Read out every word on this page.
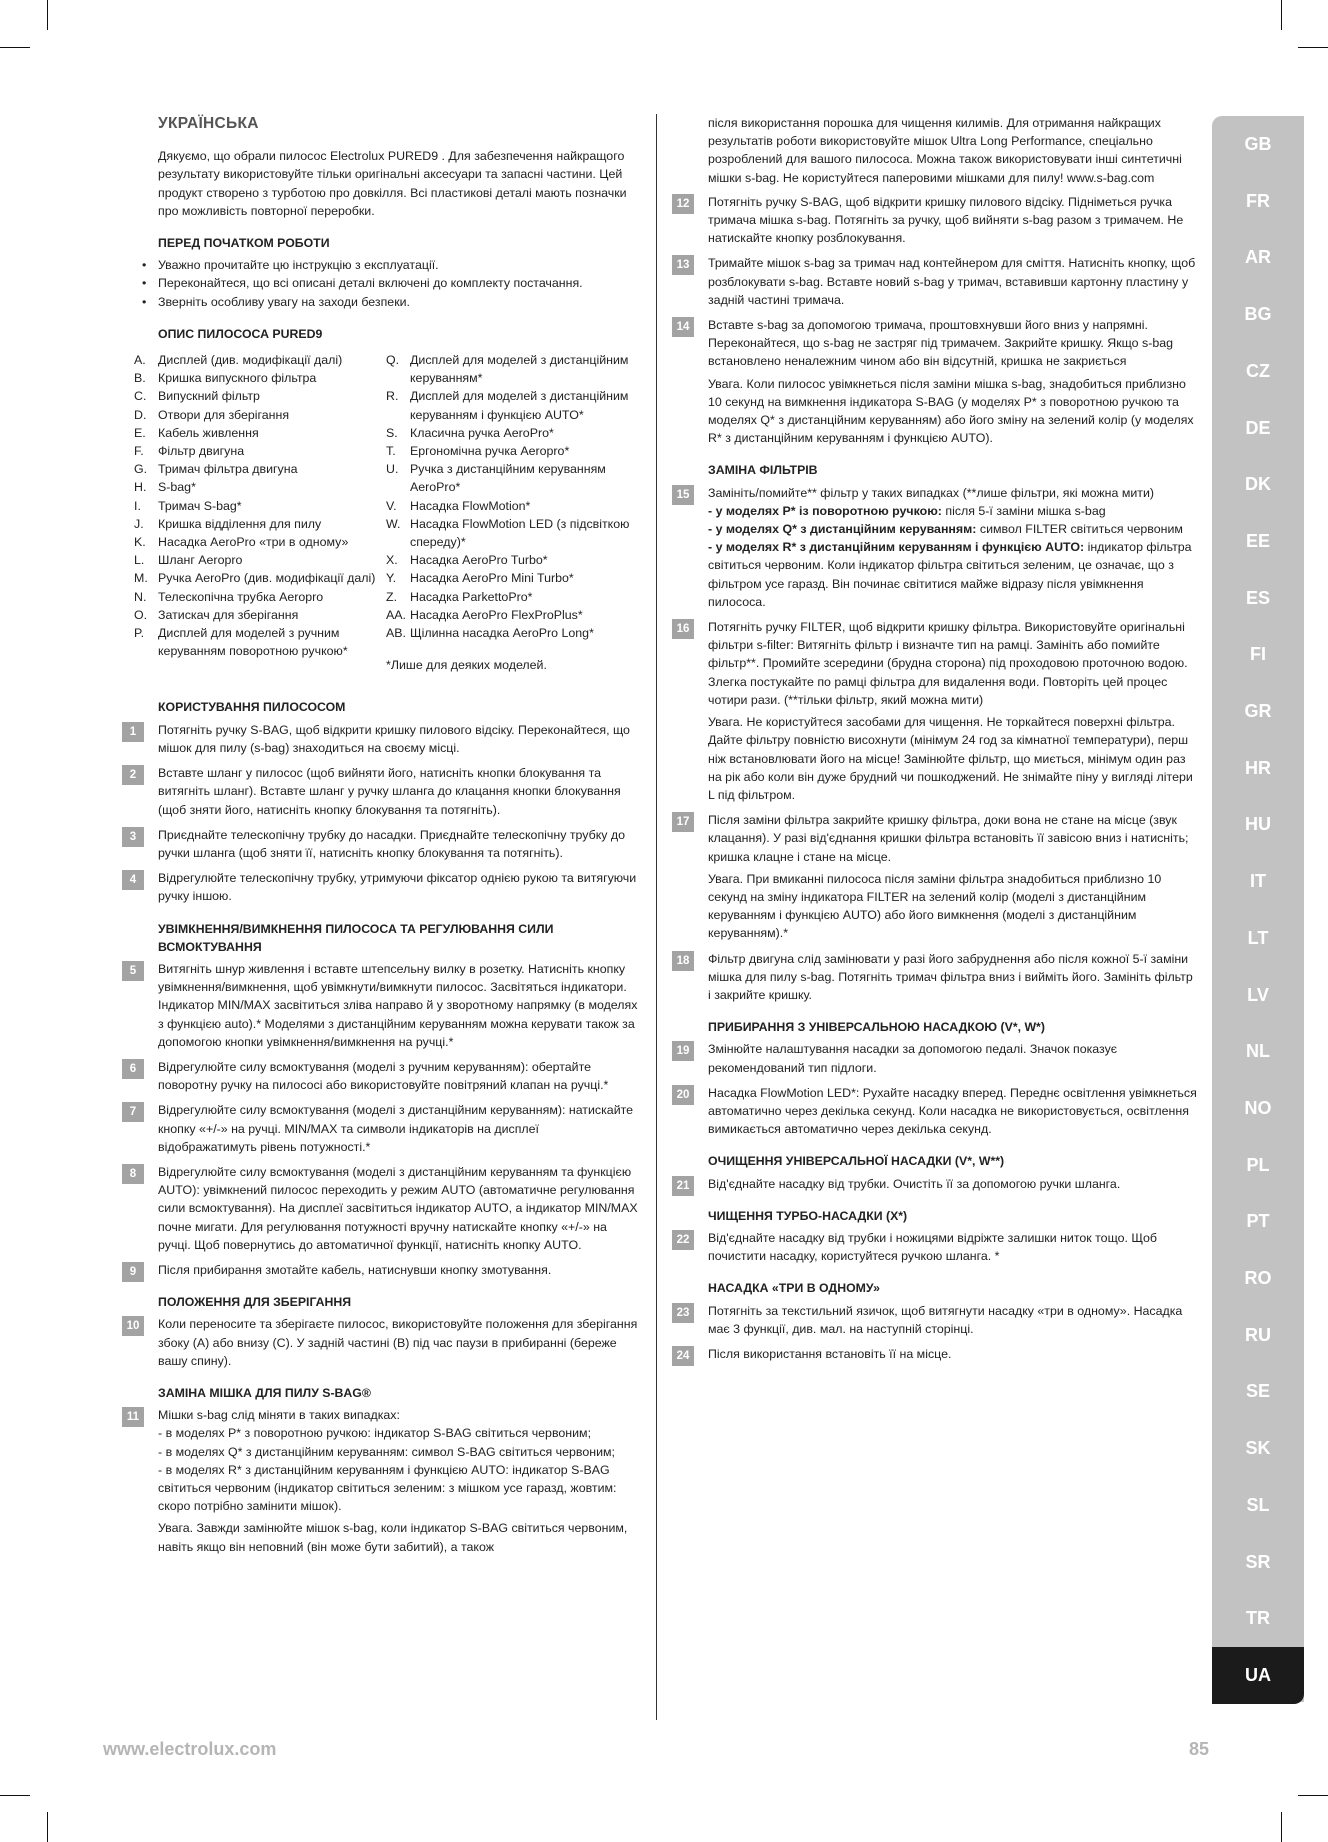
УКРАЇНСЬКА
Дякуємо, що обрали пилосос Electrolux PURED9 . Для забезпечення найкращого результату використовуйте тільки оригінальні аксесуари та запасні частини. Цей продукт створено з турботою про довкілля. Всі пластикові деталі мають позначки про можливість повторної переробки.
ПЕРЕД ПОЧАТКОМ РОБОТИ
• Уважно прочитайте цю інструкцію з експлуатації.
• Переконайтеся, що всі описані деталі включені до комплекту постачання.
• Зверніть особливу увагу на заходи безпеки.
ОПИС ПИЛОСОСА PURED9
A. Дисплей (див. модифікації далі)
B. Кришка випускного фільтра
C. Випускний фільтр
D. Отвори для зберігання
E. Кабель живлення
F.	Фільтр двигуна
G. Тримач фільтра двигуна
H. S-bag*
I.	Тримач S-bag*
J.	Кришка відділення для пилу
K. Насадка AeroPro «три в одному»
L.	Шланг Aeropro
M. Ручка AeroPro (див. модифікації далі)
N. Телескопічна трубка Aeropro
O. Затискач для зберігання
P.	Дисплей для моделей з ручним керуванням поворотною ручкою*
Q. Дисплей для моделей з дистанційним керуванням*
R. Дисплей для моделей з дистанційним керуванням і функцією AUTO*
S. Класична ручка AeroPro*
T.	Ергономічна ручка Aeropro*
U. Ручка з дистанційним керуванням AeroPro*
V.	Насадка FlowMotion*
W. Насадка FlowMotion LED (з підсвіткою спереду)*
X. Насадка AeroPro Turbo*
Y.	Насадка AeroPro Mini Turbo*
Z.	Насадка ParkettoPro*
AA. Насадка AeroPro FlexProPlus*
AB. Щілинна насадка AeroPro Long*
*Лише для деяких моделей.
КОРИСТУВАННЯ ПИЛОСОСОМ
1	Потягніть ручку S-BAG, щоб відкрити кришку пилового відсіку. Переконайтеся, що мішок для пилу (s-bag) знаходиться на своєму місці.
2	Вставте шланг у пилосос (щоб вийняти його, натисніть кнопки блокування та витягніть шланг). Вставте шланг у ручку шланга до клацання кнопки блокування (щоб зняти його, натисніть кнопку блокування та потягніть).
3	Приєднайте телескопічну трубку до насадки. Приєднайте телескопічну трубку до ручки шланга (щоб зняти її, натисніть кнопку блокування та потягніть).
4	Відрегулюйте телескопічну трубку, утримуючи фіксатор однією рукою та витягуючи ручку іншою.
УВІМКНЕННЯ/ВИМКНЕННЯ ПИЛОСОСА ТА РЕГУЛЮВАННЯ СИЛИ ВСМОКТУВАННЯ
5	Витягніть шнур живлення і вставте штепсельну вилку в розетку. Натисніть кнопку увімкнення/вимкнення, щоб увімкнути/вимкнути пилосос. Засвітяться індикатори. Індикатор MIN/MAX засвітиться зліва направо й у зворотному напрямку (в моделях з функцією auto).* Моделями з дистанційним керуванням можна керувати також за допомогою кнопки увімкнення/вимкнення на ручці.*
6	Відрегулюйте силу всмоктування (моделі з ручним керуванням): обертайте поворотну ручку на пилососі або використовуйте повітряний клапан на ручці.*
7	Відрегулюйте силу всмоктування (моделі з дистанційним керуванням): натискайте кнопку «+/-» на ручці. MIN/MAX та символи індикаторів на дисплеї відображатимуть рівень потужності.*
8	Відрегулюйте силу всмоктування (моделі з дистанційним керуванням та функцією AUTO): увімкнений пилосос переходить у режим AUTO (автоматичне регулювання сили всмоктування). На дисплеї засвітиться індикатор AUTO, а індикатор MIN/MAX почне мигати. Для регулювання потужності вручну натискайте кнопку «+/-» на ручці. Щоб повернутись до автоматичної функції, натисніть кнопку AUTO.
9	Після прибирання змотайте кабель, натиснувши кнопку змотування.
ПОЛОЖЕННЯ ДЛЯ ЗБЕРІГАННЯ
10	Коли переносите та зберігаєте пилосос, використовуйте положення для зберігання збоку (A) або внизу (C). У задній частині (B) під час паузи в прибиранні (береже вашу спину).
ЗАМІНА МІШКА ДЛЯ ПИЛУ S-BAG®
11	Мішки s-bag слід міняти в таких випадках:
- в моделях P* з поворотною ручкою: індикатор S-BAG світиться червоним;
- в моделях Q* з дистанційним керуванням: символ S-BAG світиться червоним;
- в моделях R* з дистанційним керуванням і функцією AUTO: індикатор S-BAG світиться червоним (індикатор світиться зеленим: з мішком усе гаразд, жовтим: скоро потрібно замінити мішок).
Увага. Завжди замінюйте мішок s-bag, коли індикатор S-BAG світиться червоним, навіть якщо він неповний (він може бути забитий), а також
після використання порошка для чищення килимів. Для отримання найкращих результатів роботи використовуйте мішок Ultra Long Performance, спеціально розроблений для вашого пилососа. Можна також використовувати інші синтетичні мішки s-bag. Не користуйтеся паперовими мішками для пилу! www.s-bag.com
12	Потягніть ручку S-BAG, щоб відкрити кришку пилового відсіку. Підніметься ручка тримача мішка s-bag. Потягніть за ручку, щоб вийняти s-bag разом з тримачем. Не натискайте кнопку розблокування.
13	Тримайте мішок s-bag за тримач над контейнером для сміття. Натисніть кнопку, щоб розблокувати s-bag. Вставте новий s-bag у тримач, вставивши картонну пластину у задній частині тримача.
14	Вставте s-bag за допомогою тримача, проштовхнувши його вниз у напрямні. Переконайтеся, що s-bag не застряг під тримачем. Закрийте кришку. Якщо s-bag встановлено неналежним чином або він відсутній, кришка не закриється
Увага. Коли пилосос увімкнеться після заміни мішка s-bag, знадобиться приблизно 10 секунд на вимкнення індикатора S-BAG (у моделях P* з поворотною ручкою та моделях Q* з дистанційним керуванням) або його зміну на зелений колір (у моделях R* з дистанційним керуванням і функцією AUTO).
ЗАМІНА ФІЛЬТРІВ
15	Замініть/помийте** фільтр у таких випадках (**лише фільтри, які можна мити)
- у моделях P* із поворотною ручкою: після 5-ї заміни мішка s-bag
- у моделях Q* з дистанційним керуванням: символ FILTER світиться червоним
- у моделях R* з дистанційним керуванням і функцією AUTO: індикатор фільтра світиться червоним. Коли індикатор фільтра світиться зеленим, це означає, що з фільтром усе гаразд. Він починає світитися майже відразу після увімкнення пилососа.
16	Потягніть ручку FILTER, щоб відкрити кришку фільтра. Використовуйте оригінальні фільтри s-filter: Витягніть фільтр і визначте тип на рамці. Замініть або помийте фільтр**. Промийте зсередини (брудна сторона) під проходовою проточною водою. Злегка постукайте по рамці фільтра для видалення води. Повторіть цей процес чотири рази. (**тільки фільтр, який можна мити)
Увага. Не користуйтеся засобами для чищення. Не торкайтеся поверхні фільтра. Дайте фільтру повністю висохнути (мінімум 24 год за кімнатної температури), перш ніж встановлювати його на місце! Замінюйте фільтр, що миється, мінімум один раз на рік або коли він дуже брудний чи пошкоджений. Не знімайте піну у вигляді літери L під фільтром.
17	Після заміни фільтра закрийте кришку фільтра, доки вона не стане на місце (звук клацання). У разі від'єднання кришки фільтра встановіть її завісою вниз і натисніть; кришка клацне і стане на місце.
Увага. При вмиканні пилососа після заміни фільтра знадобиться приблизно 10 секунд на зміну індикатора FILTER на зелений колір (моделі з дистанційним керуванням і функцією AUTO) або його вимкнення (моделі з дистанційним керуванням).*
18	Фільтр двигуна слід замінювати у разі його забруднення або після кожної 5-ї заміни мішка для пилу s-bag. Потягніть тримач фільтра вниз і вийміть його. Замініть фільтр і закрийте кришку.
ПРИБИРАННЯ З УНІВЕРСАЛЬНОЮ НАСАДКОЮ (V*, W*)
19	Змінюйте налаштування насадки за допомогою педалі. Значок показує рекомендований тип підлоги.
20	Насадка FlowMotion LED*: Рухайте насадку вперед. Переднє освітлення увімкнеться автоматично через декілька секунд. Коли насадка не використовується, освітлення вимикається автоматично через декілька секунд.
ОЧИЩЕННЯ УНІВЕРСАЛЬНОЇ НАСАДКИ (V*, W**)
21	Від'єднайте насадку від трубки. Очистіть її за допомогою ручки шланга.
ЧИЩЕННЯ ТУРБО-НАСАДКИ (X*)
22	Від'єднайте насадку від трубки і ножицями відріжте залишки ниток тощо. Щоб почистити насадку, користуйтеся ручкою шланга. *
НАСАДКА «ТРИ В ОДНОМУ»
23	Потягніть за текстильний язичок, щоб витягнути насадку «три в одному». Насадка має 3 функції, див. мал. на наступній сторінці.
24	Після використання встановіть її на місце.
GB
FR
AR
BG
CZ
DE
DK
EE
ES
FI
GR
HR
HU
IT
LT
LV
NL
NO
PL
PT
RO
RU
SE
SK
SL
SR
TR
UA
www.electrolux.com	85
